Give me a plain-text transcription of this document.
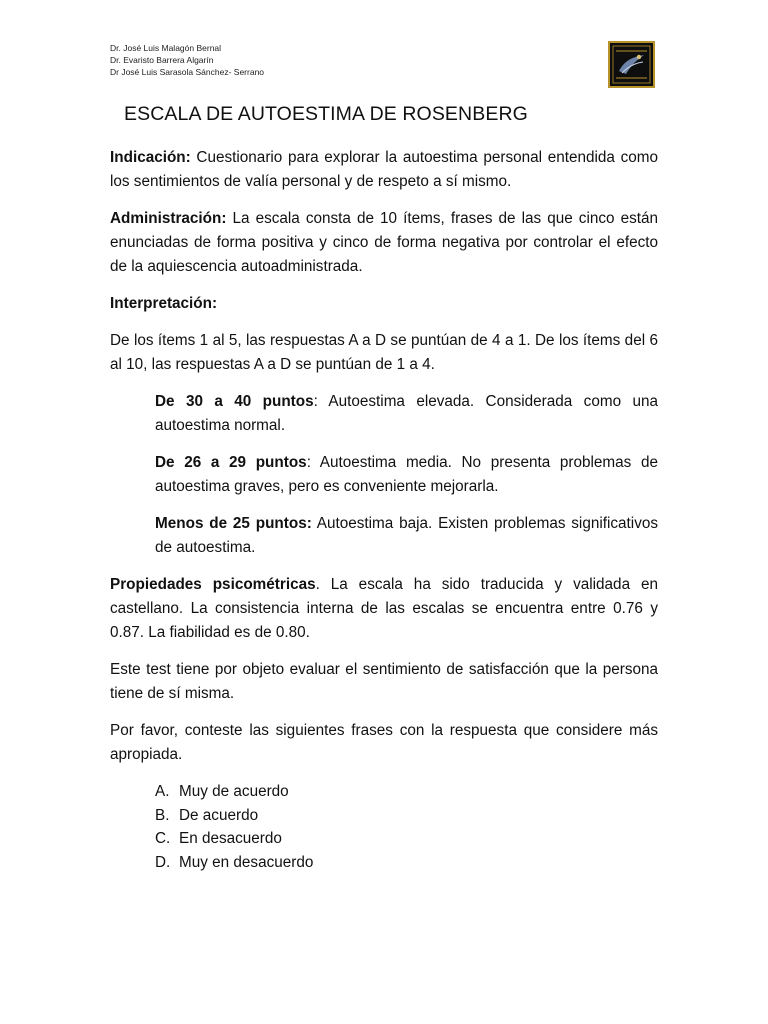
Dr. José Luis Malagón Bernal
Dr. Evaristo Barrera Algarín
Dr José Luis Sarasola Sánchez- Serrano
ESCALA DE AUTOESTIMA DE ROSENBERG

Indicación: Cuestionario para explorar la autoestima personal entendida como los sentimientos de valía personal y de respeto a sí mismo.

Administración: La escala consta de 10 ítems, frases de las que cinco están enunciadas de forma positiva y cinco de forma negativa por controlar el efecto de la aquiescencia autoadministrada.

Interpretación:

De los ítems 1 al 5, las respuestas A a D se puntúan de 4 a 1. De los ítems del 6 al 10, las respuestas A a D se puntúan de 1 a 4.

De 30 a 40 puntos: Autoestima elevada. Considerada como una autoestima normal.

De 26 a 29 puntos: Autoestima media. No presenta problemas de autoestima graves, pero es conveniente mejorarla.

Menos de 25 puntos: Autoestima baja. Existen problemas significativos de autoestima.

Propiedades psicométricas. La escala ha sido traducida y validada en castellano. La consistencia interna de las escalas se encuentra entre 0.76 y 0.87. La fiabilidad es de 0.80.

Este test tiene por objeto evaluar el sentimiento de satisfacción que la persona tiene de sí misma.

Por favor, conteste las siguientes frases con la respuesta que considere más apropiada.

A. Muy de acuerdo
B. De acuerdo
C. En desacuerdo
D. Muy en desacuerdo
